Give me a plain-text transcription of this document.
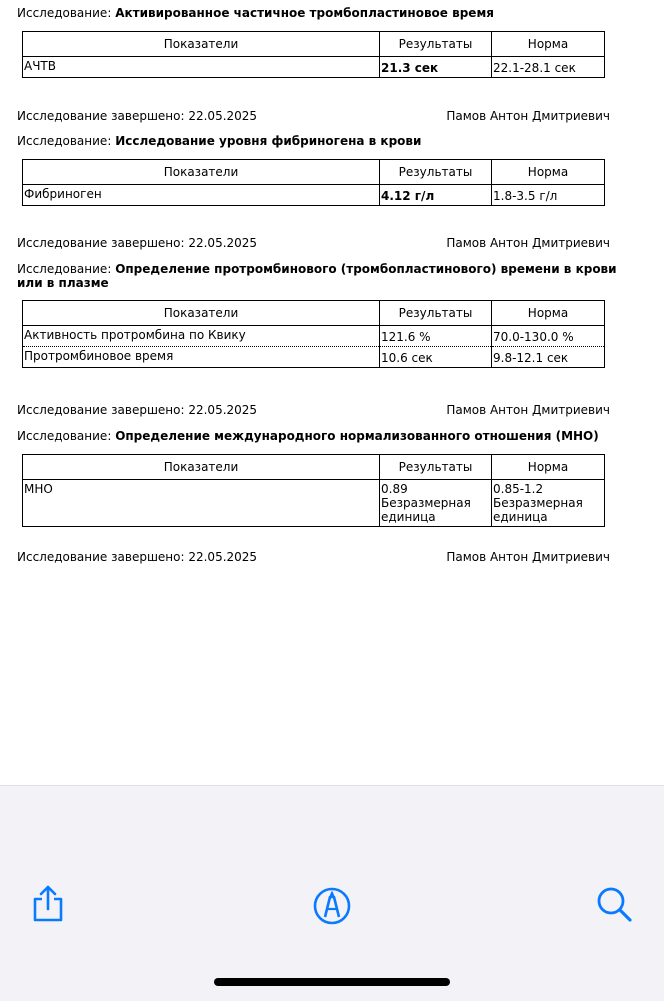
Исследование: Активированное частичное тромбопластиновое время
Показатели	Результаты	Норма
АЧТВ	21.3 сек	22.1-28.1 сек
Исследование завершено: 22.05.2025	Памов Антон Дмитриевич
Исследование: Исследование уровня фибриногена в крови
Показатели	Результаты	Норма
Фибриноген	4.12 г/л	1.8-3.5 г/л
Исследование завершено: 22.05.2025	Памов Антон Дмитриевич
Исследование: Определение протромбинового (тромбопластинового) времени в крови или в плазме
Показатели	Результаты	Норма
Активность протромбина по Квику	121.6 %	70.0-130.0 %
Протромбиновое время	10.6 сек	9.8-12.1 сек
Исследование завершено: 22.05.2025	Памов Антон Дмитриевич
Исследование: Определение международного нормализованного отношения (МНО)
Показатели	Результаты	Норма
МНО	0.89 Безразмерная единица	0.85-1.2 Безразмерная единица
Исследование завершено: 22.05.2025	Памов Антон Дмитриевич
